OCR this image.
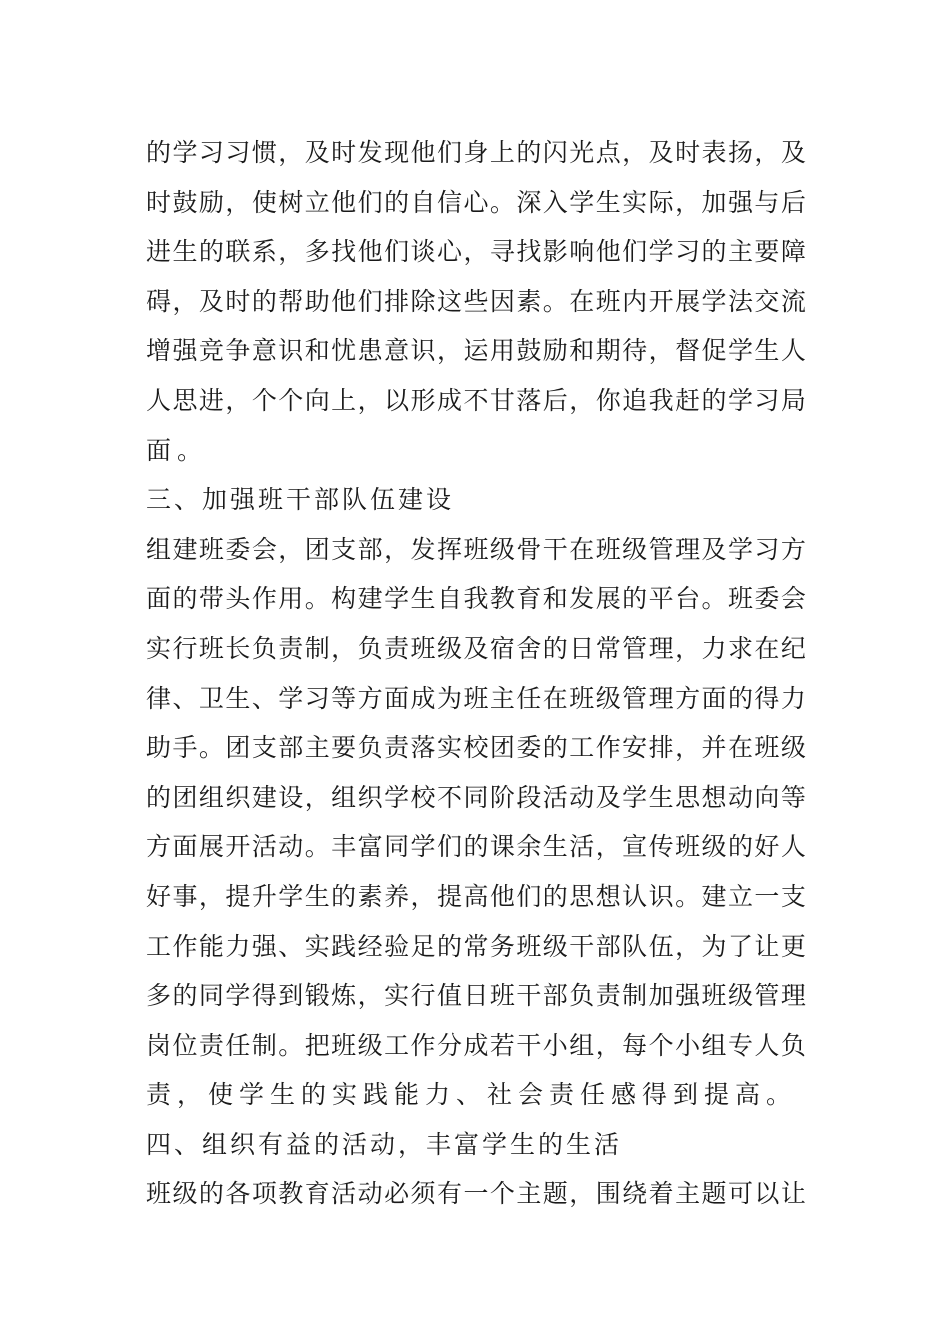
的 学 习 习 惯 ， 及 时 发 现 他 们 身 上 的 闪 光 点 ， 及 时 表 扬 ， 及
时 鼓 励 ， 使 树 立 他 们 的 自 信 心 。 深 入 学 生 实 际 ， 加 强 与 后
进 生 的 联 系 ， 多 找 他 们 谈 心 ， 寻 找 影 响 他 们 学 习 的 主 要 障
碍 ， 及 时 的 帮 助 他 们 排 除 这 些 因 素 。 在 班 内 开 展 学 法 交 流
增 强 竞 争 意 识 和 忧 患 意 识 ， 运 用 鼓 励 和 期 待 ， 督 促 学 生 人
人 思 进 ， 个 个 向 上 ， 以 形 成 不 甘 落 后 ， 你 追 我 赶 的 学 习 局
面。
三、加强班干部队伍建设
组 建 班 委 会 ， 团 支 部 ， 发 挥 班 级 骨 干 在 班 级 管 理 及 学 习 方
面 的 带 头 作 用 。 构 建 学 生 自 我 教 育 和 发 展 的 平 台 。 班 委 会
实 行 班 长 负 责 制 ， 负 责 班 级 及 宿 舍 的 日 常 管 理 ， 力 求 在 纪
律 、 卫 生 、 学 习 等 方 面 成 为 班 主 任 在 班 级 管 理 方 面 的 得 力
助 手 。 团 支 部 主 要 负 责 落 实 校 团 委 的 工 作 安 排 ， 并 在 班 级
的 团 组 织 建 设 ， 组 织 学 校 不 同 阶 段 活 动 及 学 生 思 想 动 向 等
方 面 展 开 活 动 。 丰 富 同 学 们 的 课 余 生 活 ， 宣 传 班 级 的 好 人
好 事 ， 提 升 学 生 的 素 养 ， 提 高 他 们 的 思 想 认 识 。 建 立 一 支
工 作 能 力 强 、 实 践 经 验 足 的 常 务 班 级 干 部 队 伍 ， 为 了 让 更
多 的 同 学 得 到 锻 炼 ， 实 行 值 日 班 干 部 负 责 制 加 强 班 级 管 理
岗 位 责 任 制 。 把 班 级 工 作 分 成 若 干 小 组 ， 每 个 小 组 专 人 负
责，使学生的实践能力、社会责任感得到提高。
四、组织有益的活动，丰富学生的生活
班 级 的 各 项 教 育 活 动 必 须 有 一 个 主 题 ， 围 绕 着 主 题 可 以 让
